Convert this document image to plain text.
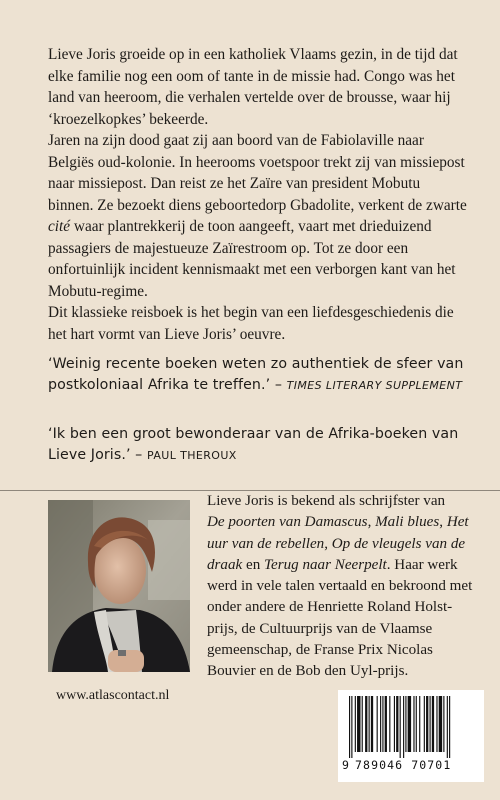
Lieve Joris groeide op in een katholiek Vlaams gezin, in de tijd dat elke familie nog een oom of tante in de missie had. Congo was het land van heeroom, die verhalen vertelde over de brousse, waar hij ‘kroezelkopkes’ bekeerde.

Jaren na zijn dood gaat zij aan boord van de Fabiolaville naar Belgiës oud-kolonie. In heerooms voetspoor trekt zij van missiepost naar missiepost. Dan reist ze het Zaïre van president Mobutu binnen. Ze bezoekt diens geboortedorp Gbadolite, verkent de zwarte cité waar plantrekkerij de toon aangeeft, vaart met drieduizend passagiers de majestueuze Zaïrestroom op. Tot ze door een onfortuinlijk incident kennismaakt met een verborgen kant van het Mobutu-regime.

Dit klassieke reisboek is het begin van een liefdesgeschiedenis die het hart vormt van Lieve Joris’ oeuvre.

‘Weinig recente boeken weten zo authentiek de sfeer van postkoloniaal Afrika te treffen.’ – TIMES LITERARY SUPPLEMENT
‘Ik ben een groot bewonderaar van de Afrika-boeken van Lieve Joris.’ – PAUL THEROUX

Lieve Joris is bekend als schrijfster van
De poorten van Damascus, Mali blues, Het uur van de rebellen, Op de vleugels van de draak en Terug naar Neerpelt. Haar werk werd in vele talen vertaald en bekroond met onder andere de Henriette Roland Holst-prijs, de Cultuurprijs van de Vlaamse gemeenschap, de Franse Prix Nicolas Bouvier en de Bob den Uyl-prijs.

www.atlascontact.nl
9 789046 70701
